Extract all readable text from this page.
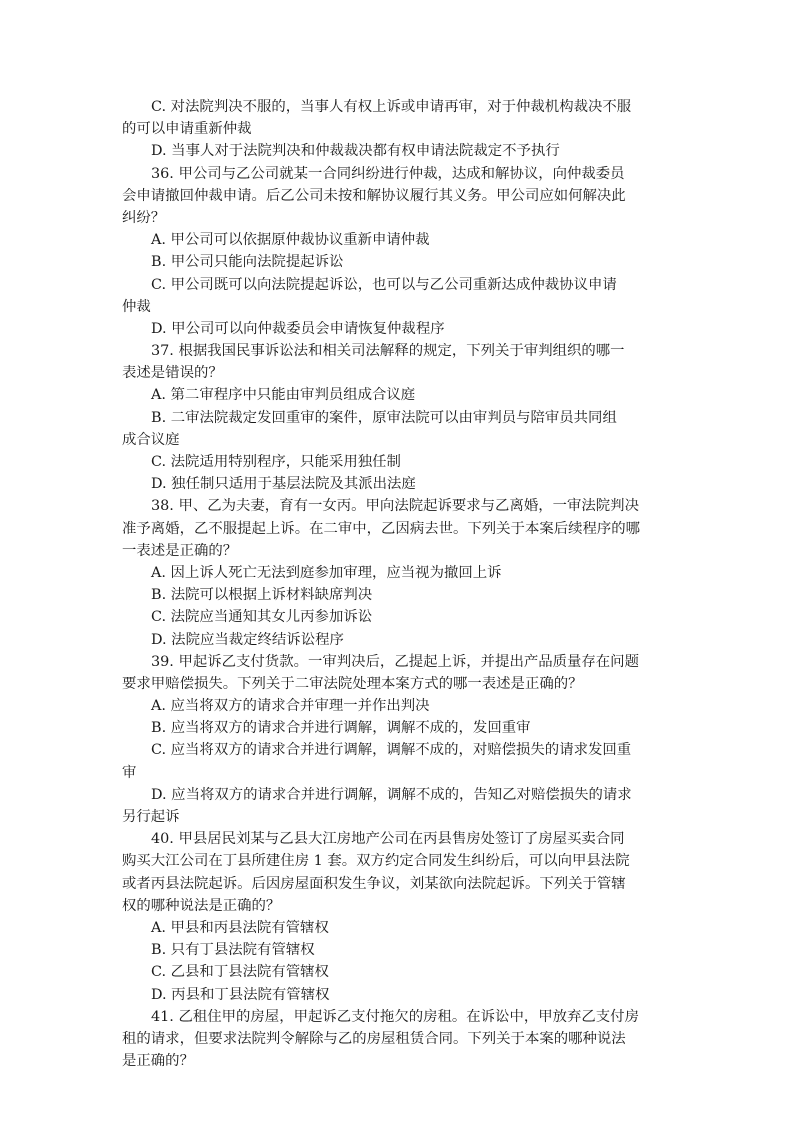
C. 对法院判决不服的，当事人有权上诉或申请再审，对于仲裁机构裁决不服
的可以申请重新仲裁
D. 当事人对于法院判决和仲裁裁决都有权申请法院裁定不予执行
36. 甲公司与乙公司就某一合同纠纷进行仲裁，达成和解协议，向仲裁委员
会申请撤回仲裁申请。后乙公司未按和解协议履行其义务。甲公司应如何解决此
纠纷？
A. 甲公司可以依据原仲裁协议重新申请仲裁
B. 甲公司只能向法院提起诉讼
C. 甲公司既可以向法院提起诉讼，也可以与乙公司重新达成仲裁协议申请
仲裁
D. 甲公司可以向仲裁委员会申请恢复仲裁程序
37. 根据我国民事诉讼法和相关司法解释的规定，下列关于审判组织的哪一
表述是错误的？
A. 第二审程序中只能由审判员组成合议庭
B. 二审法院裁定发回重审的案件，原审法院可以由审判员与陪审员共同组
成合议庭
C. 法院适用特别程序，只能采用独任制
D. 独任制只适用于基层法院及其派出法庭
38. 甲、乙为夫妻，育有一女丙。甲向法院起诉要求与乙离婚，一审法院判决
准予离婚，乙不服提起上诉。在二审中，乙因病去世。下列关于本案后续程序的哪
一表述是正确的？
A. 因上诉人死亡无法到庭参加审理，应当视为撤回上诉
B. 法院可以根据上诉材料缺席判决
C. 法院应当通知其女儿丙参加诉讼
D. 法院应当裁定终结诉讼程序
39. 甲起诉乙支付货款。一审判决后，乙提起上诉，并提出产品质量存在问题
要求甲赔偿损失。下列关于二审法院处理本案方式的哪一表述是正确的？
A. 应当将双方的请求合并审理一并作出判决
B. 应当将双方的请求合并进行调解，调解不成的，发回重审
C. 应当将双方的请求合并进行调解，调解不成的，对赔偿损失的请求发回重
审
D. 应当将双方的请求合并进行调解，调解不成的，告知乙对赔偿损失的请求
另行起诉
40. 甲县居民刘某与乙县大江房地产公司在丙县售房处签订了房屋买卖合同
购买大江公司在丁县所建住房 1 套。双方约定合同发生纠纷后，可以向甲县法院
或者丙县法院起诉。后因房屋面积发生争议，刘某欲向法院起诉。下列关于管辖
权的哪种说法是正确的？
A. 甲县和丙县法院有管辖权
B. 只有丁县法院有管辖权
C. 乙县和丁县法院有管辖权
D. 丙县和丁县法院有管辖权
41. 乙租住甲的房屋，甲起诉乙支付拖欠的房租。在诉讼中，甲放弃乙支付房
租的请求，但要求法院判令解除与乙的房屋租赁合同。下列关于本案的哪种说法
是正确的？
